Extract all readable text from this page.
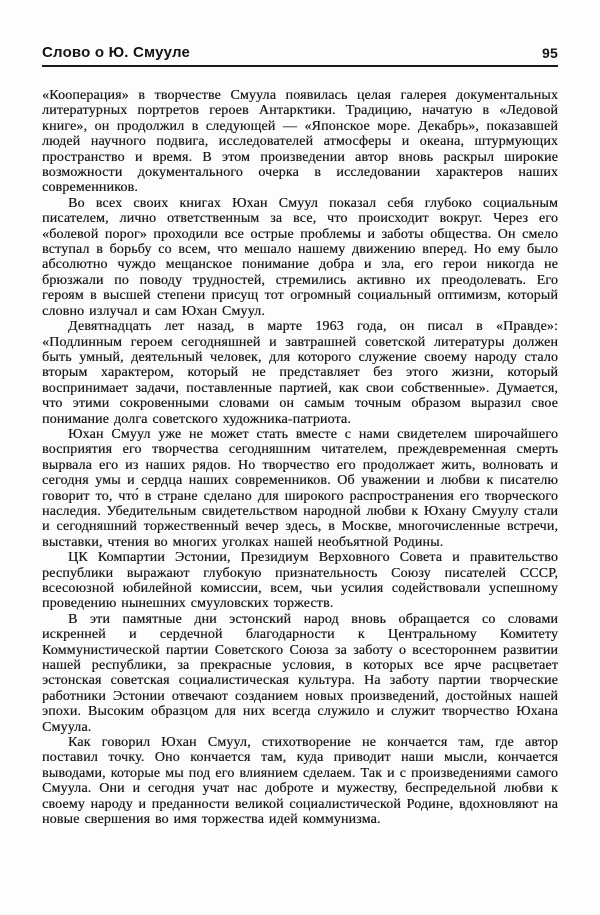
Слово о Ю. Смууле	95

«Кооперация» в творчестве Смуула появилась целая галерея документальных литературных портретов героев Антарктики. Традицию, начатую в «Ледовой книге», он продолжил в следующей — «Японское море. Декабрь», показавшей людей научного подвига, исследователей атмосферы и океана, штурмующих пространство и время. В этом произведении автор вновь раскрыл широкие возможности документального очерка в исследовании характеров наших современников.

Во всех своих книгах Юхан Смуул показал себя глубоко социальным писателем, лично ответственным за все, что происходит вокруг. Через его «болевой порог» проходили все острые проблемы и заботы общества. Он смело вступал в борьбу со всем, что мешало нашему движению вперед. Но ему было абсолютно чуждо мещанское понимание добра и зла, его герои никогда не брюзжали по поводу трудностей, стремились активно их преодолевать. Его героям в высшей степени присущ тот огромный социальный оптимизм, который словно излучал и сам Юхан Смуул.

Девятнадцать лет назад, в марте 1963 года, он писал в «Правде»: «Подлинным героем сегодняшней и завтрашней советской литературы должен быть умный, деятельный человек, для которого служение своему народу стало вторым характером, который не представляет без этого жизни, который воспринимает задачи, поставленные партией, как свои собственные». Думается, что этими сокровенными словами он самым точным образом выразил свое понимание долга советского художника-патриота.

Юхан Смуул уже не может стать вместе с нами свидетелем широчайшего восприятия его творчества сегодняшним читателем, преждевременная смерть вырвала его из наших рядов. Но творчество его продолжает жить, волновать и сегодня умы и сердца наших современников. Об уважении и любви к писателю говорит то, что́ в стране сделано для широкого распространения его творческого наследия. Убедительным свидетельством народной любви к Юхану Смуулу стали и сегодняшний торжественный вечер здесь, в Москве, многочисленные встречи, выставки, чтения во многих уголках нашей необъятной Родины.

ЦК Компартии Эстонии, Президиум Верховного Совета и правительство республики выражают глубокую признательность Союзу писателей СССР, всесоюзной юбилейной комиссии, всем, чьи усилия содействовали успешному проведению нынешних смууловских торжеств.

В эти памятные дни эстонский народ вновь обращается со словами искренней и сердечной благодарности к Центральному Комитету Коммунистической партии Советского Союза за заботу о всестороннем развитии нашей республики, за прекрасные условия, в которых все ярче расцветает эстонская советская социалистическая культура. На заботу партии творческие работники Эстонии отвечают созданием новых произведений, достойных нашей эпохи. Высоким образцом для них всегда служило и служит творчество Юхана Смуула.

Как говорил Юхан Смуул, стихотворение не кончается там, где автор поставил точку. Оно кончается там, куда приводит наши мысли, кончается выводами, которые мы под его влиянием сделаем. Так и с произведениями самого Смуула. Они и сегодня учат нас доброте и мужеству, беспредельной любви к своему народу и преданности великой социалистической Родине, вдохновляют на новые свершения во имя торжества идей коммунизма.
